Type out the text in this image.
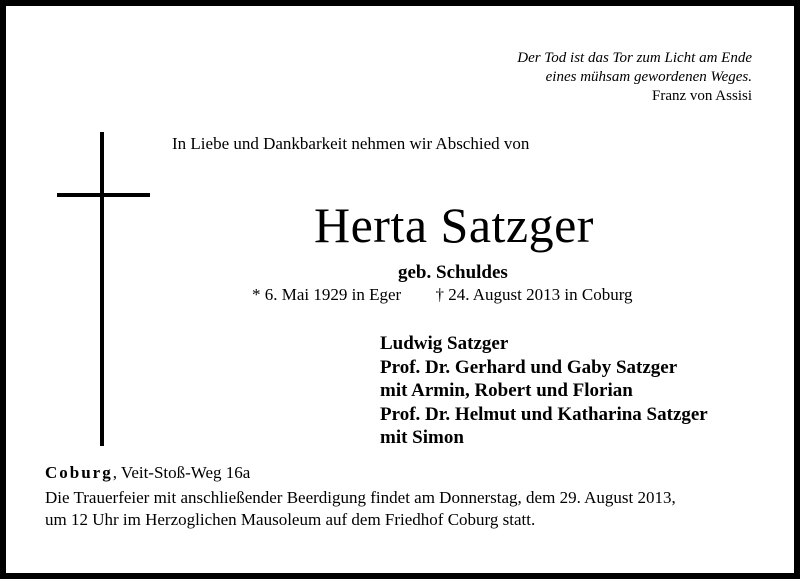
Der Tod ist das Tor zum Licht am Ende
eines mühsam gewordenen Weges.
Franz von Assisi
In Liebe und Dankbarkeit nehmen wir Abschied von
Herta Satzger
geb. Schuldes
* 6. Mai 1929 in Eger † 24. August 2013 in Coburg
Ludwig Satzger
Prof. Dr. Gerhard und Gaby Satzger
mit Armin, Robert und Florian
Prof. Dr. Helmut und Katharina Satzger
mit Simon
Coburg, Veit-Stoß-Weg 16a
Die Trauerfeier mit anschließender Beerdigung findet am Donnerstag, dem 29. August 2013,
um 12 Uhr im Herzoglichen Mausoleum auf dem Friedhof Coburg statt.
